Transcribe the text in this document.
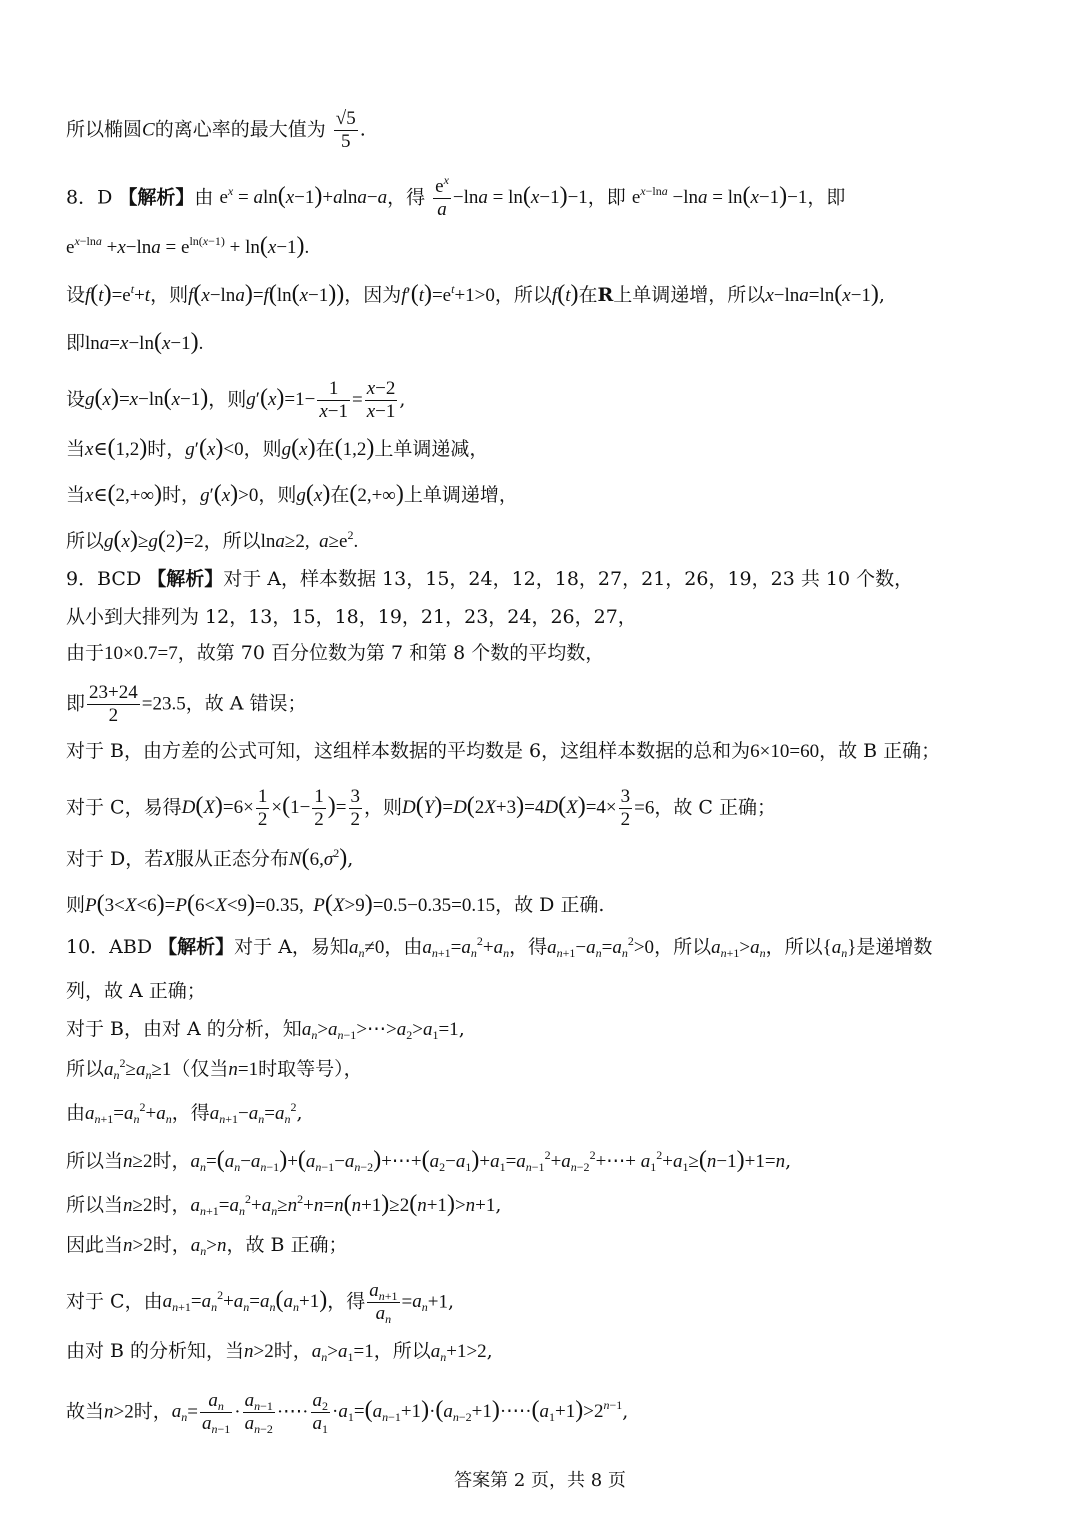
所以椭圆C的离心率的最大值为 $\frac{√5}{5}$ .
8．D 【解析】由 $e^x = aln(x-1)+alna-a$，得 $\frac{e^x}{a} -\ln a = \ln(x-1)-1$，即 $e^{x-lna} -\ln a = \ln(x-1)-1$，即
$e^{x-lna} +x-\ln a = e^{ln(x-1)} + \ln(x-1)$.
设$f(t)=e^t+t$，则f(x−lna)=f(ln(x−1))，因为$f'(t)=e^t+1>0$，所以f(t)在R上单调递增，所以x−lna=ln(x−1),
即lna=x−ln(x−1).
设g(x)=x−ln(x−1)，则$g'(x)=1- \frac{1}{x-1} = \frac{x-2}{x-1}$ ,
当x∈(1,2)时，g′(x)<0，则g(x)在(1,2)上单调递减，
当x∈(2,+∞)时，g′(x)>0，则g(x)在(2,+∞)上单调递增，
所以g(x)≥g(2)=2，所以lna≥2,  $a\ge e^2$.
9．BCD 【解析】对于 A，样本数据 13，15，24，12，18，27，21，26，19，23 共 10 个数，
从小到大排列为 12，13，15，18，19，21，23，24，26，27，
由于10×0.7=7，故第 70 百分位数为第 7 和第 8 个数的平均数，
即 $\frac{23+24}{2} =23.5$，故 A 错误；
对于 B，由方差的公式可知，这组样本数据的平均数是 6，这组样本数据的总和为6×10=60，故 B 正确；
对于 C，易得$D(X)=6\times \frac{1}{2} \times(1- \frac{1}{2}$ )= $\frac{3}{2}$ ，则$D(Y)=D(2X+3)=4D(X)=4\times \frac{3}{2} =6$，故 C 正确；
对于 D，若X服从正态分布$N(6,\sigma^2)$,
则P(3<X<6)=P(6<X<9)=0.35,  P(X>9)=0.5−0.35=0.15，故 D 正确.
10．ABD 【解析】对于 A，易知$a_n\ne 0$，由$a_{n+1}=a_n^2+a_n$，得$a_{n+1}-a_n=a_n^2>0$，所以$a_{n+1}>a_n$，所以$\{a_n\}$是递增数
列，故 A 正确；
对于 B，由对 A 的分析，知$a_n>a_{n-1}>\cdots>a_2>a_1=1$,
所以$a_n^2\ge a_n\ge 1$（仅当n=1时取等号），
由$a_{n+1}=a_n^2+a_n$，得$a_{n+1}-a_n=a_n^2$,
所以当n≥2时，$a_n=(a_n-a_{n-1})+(a_{n-1}-a_{n-2})+\cdots+(a_2-a_1)+a_1=a_{n-1}^2+a_{n-2}^2+\cdots+ a_1^2+a_1\ge(n-1)+1=n$,
所以当n≥2时，$a_{n+1}=a_n^2+a_n\ge n^2+n=n(n+1)\ge 2(n+1)>n+1$,
因此当n>2时，$a_n>n$，故 B 正确；
对于 C，由$a_{n+1}=a_n^2+a_n=a_n(a_n+1)$，得 $\frac{a_{n+1}}{a_n} =a_n+1$,
由对 B 的分析知，当n>2时，$a_n>a_1=1$，所以$a_n+1>2$,
故当n>2时，$a_n= \frac{a_n}{a_{n-1}} \cdot \frac{a_{n-1}}{a_{n-2}}$ ·⋯· $\frac{a_2}{a_1}$ $\cdot a_1=(a_{n-1}+1)\cdot(a_{n-2}+1)\cdot\cdots\cdot(a_1+1)>2^{n-1}$,
答案第 2 页，共 8 页
